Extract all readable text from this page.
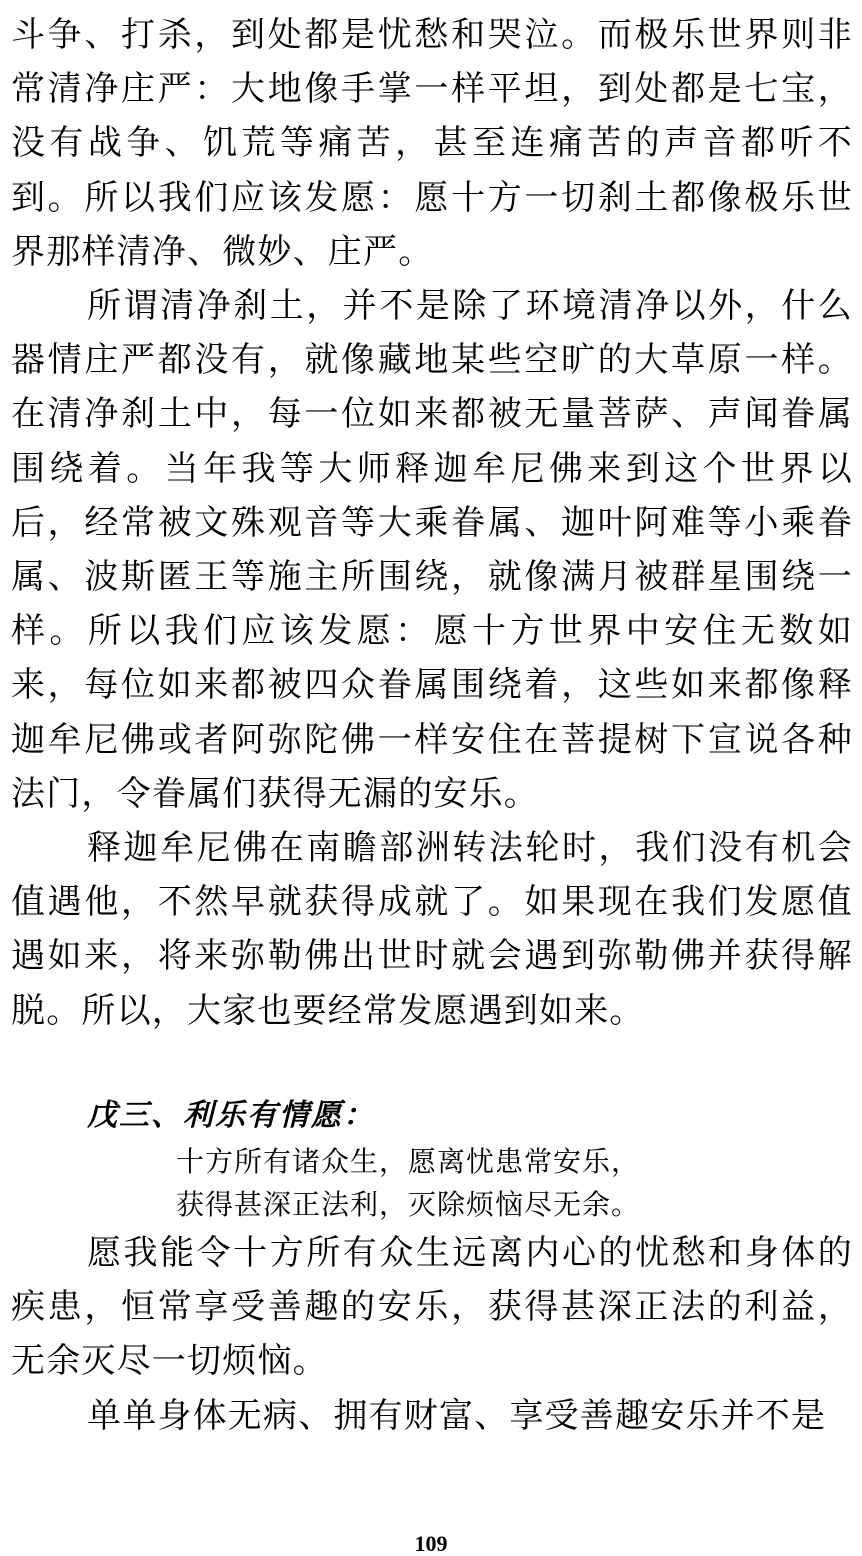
斗争、打杀，到处都是忧愁和哭泣。而极乐世界则非常清净庄严：大地像手掌一样平坦，到处都是七宝，没有战争、饥荒等痛苦，甚至连痛苦的声音都听不到。所以我们应该发愿：愿十方一切刹土都像极乐世界那样清净、微妙、庄严。

所谓清净刹土，并不是除了环境清净以外，什么器情庄严都没有，就像藏地某些空旷的大草原一样。在清净刹土中，每一位如来都被无量菩萨、声闻眷属围绕着。当年我等大师释迦牟尼佛来到这个世界以后，经常被文殊观音等大乘眷属、迦叶阿难等小乘眷属、波斯匿王等施主所围绕，就像满月被群星围绕一样。所以我们应该发愿：愿十方世界中安住无数如来，每位如来都被四众眷属围绕着，这些如来都像释迦牟尼佛或者阿弥陀佛一样安住在菩提树下宣说各种法门，令眷属们获得无漏的安乐。

释迦牟尼佛在南瞻部洲转法轮时，我们没有机会值遇他，不然早就获得成就了。如果现在我们发愿值遇如来，将来弥勒佛出世时就会遇到弥勒佛并获得解脱。所以，大家也要经常发愿遇到如来。

戊三、利乐有情愿：

十方所有诸众生，愿离忧患常安乐，

获得甚深正法利，灭除烦恼尽无余。

愿我能令十方所有众生远离内心的忧愁和身体的疾患，恒常享受善趣的安乐，获得甚深正法的利益，无余灭尽一切烦恼。

单单身体无病、拥有财富、享受善趣安乐并不是

109
